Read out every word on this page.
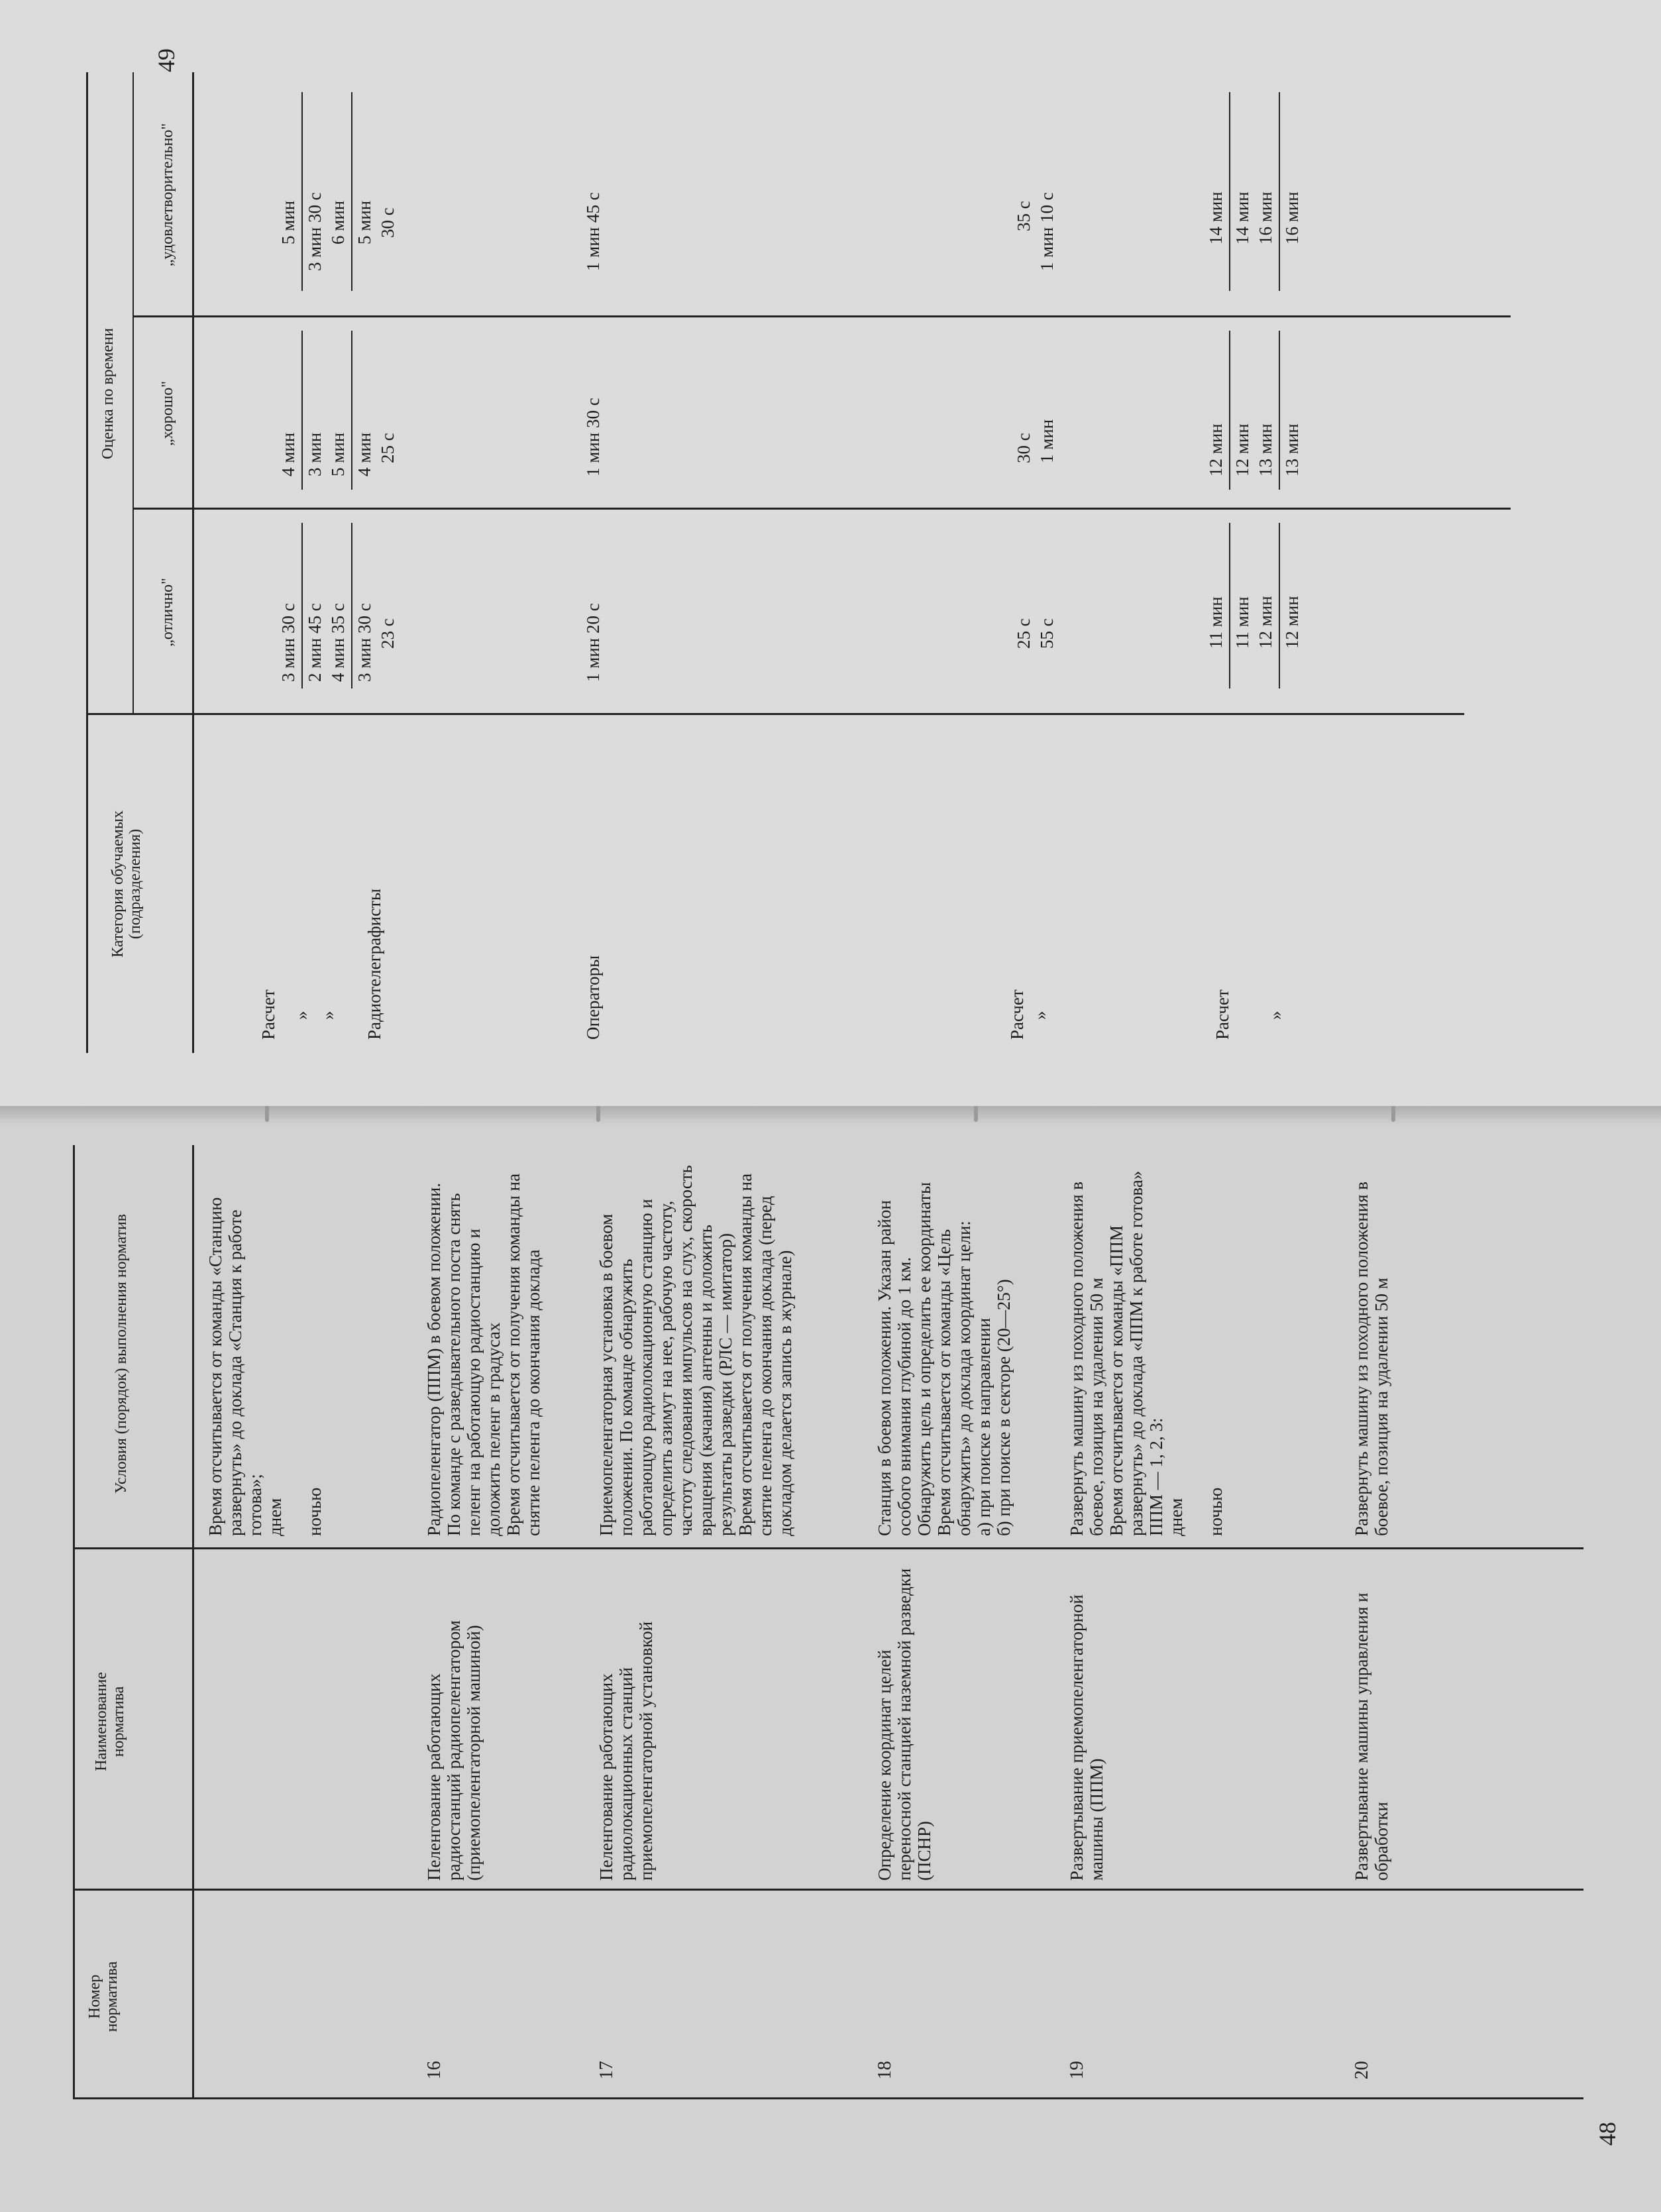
Номер
норматива
Наименование
норматива
Условия (порядок) выполнения норматив
Время отсчитывается от команды «Станцию развернуть» до доклада «Станция к работе готова»;
днем

ночью
16
Пеленгование работающих радиостанций радиопеленгатором (приемопеленгаторной машиной)
Радиопеленгатор (ППМ) в боевом положении. По команде с разведывательного поста снять пеленг на работающую радиостанцию и доложить пеленг в градусах
Время отсчитывается от получения команды на снятие пеленга до окончания доклада
17
Пеленгование работающих радиолокационных станций приемопеленгаторной установкой
Приемопеленгаторная установка в боевом положении. По команде обнаружить работающую радиолокационную станцию и определить азимут на нее, рабочую частоту, частоту следования импульсов на слух, скорость вращения (качания) антенны и доложить результаты разведки (РЛС — имитатор)
Время отсчитывается от получения команды на снятие пеленга до окончания доклада (перед докладом делается запись в журнале)
18
Определение координат целей переносной станцией наземной разведки (ПСНР)
Станция в боевом положении. Указан район особого внимания глубиной до 1 км. Обнаружить цель и определить ее координаты
Время отсчитывается от команды «Цель обнаружить» до доклада координат цели:
а) при поиске в направлении
б) при поиске в секторе (20—25°)
19
Развертывание приемопеленгаторной машины (ППМ)
Развернуть машину из походного положения в боевое, позиция на удалении 50 м
Время отсчитывается от команды «ППМ развернуть» до доклада «ППМ к работе готова»
ППМ — 1, 2, 3:
днем

ночью
20
Развертывание машины управления и обработки
Развернуть машину из походного положения в боевое, позиция на удалении 50 м
48
Категория обучаемых
(подразделения)
Оценка по времени
„отлично"
„хорошо"
„удовлетворительно"
Расчет » »
3 мин 30 с 2 мин 45 с 4 мин 35 с
4 мин 3 мин 5 мин
5 мин 3 мин 30 с 6 мин
Радиотелеграфисты
3 мин 30 с 23 с
4 мин 25 с
5 мин 30 с
Операторы
1 мин 20 с
1 мин 30 с
1 мин 45 с
Расчет »
25 с 55 с
30 с 1 мин
35 с 1 мин 10 с
Расчет »
11 мин 11 мин 12 мин 12 мин
12 мин 12 мин 13 мин 13 мин
14 мин 14 мин 16 мин 16 мин
49
